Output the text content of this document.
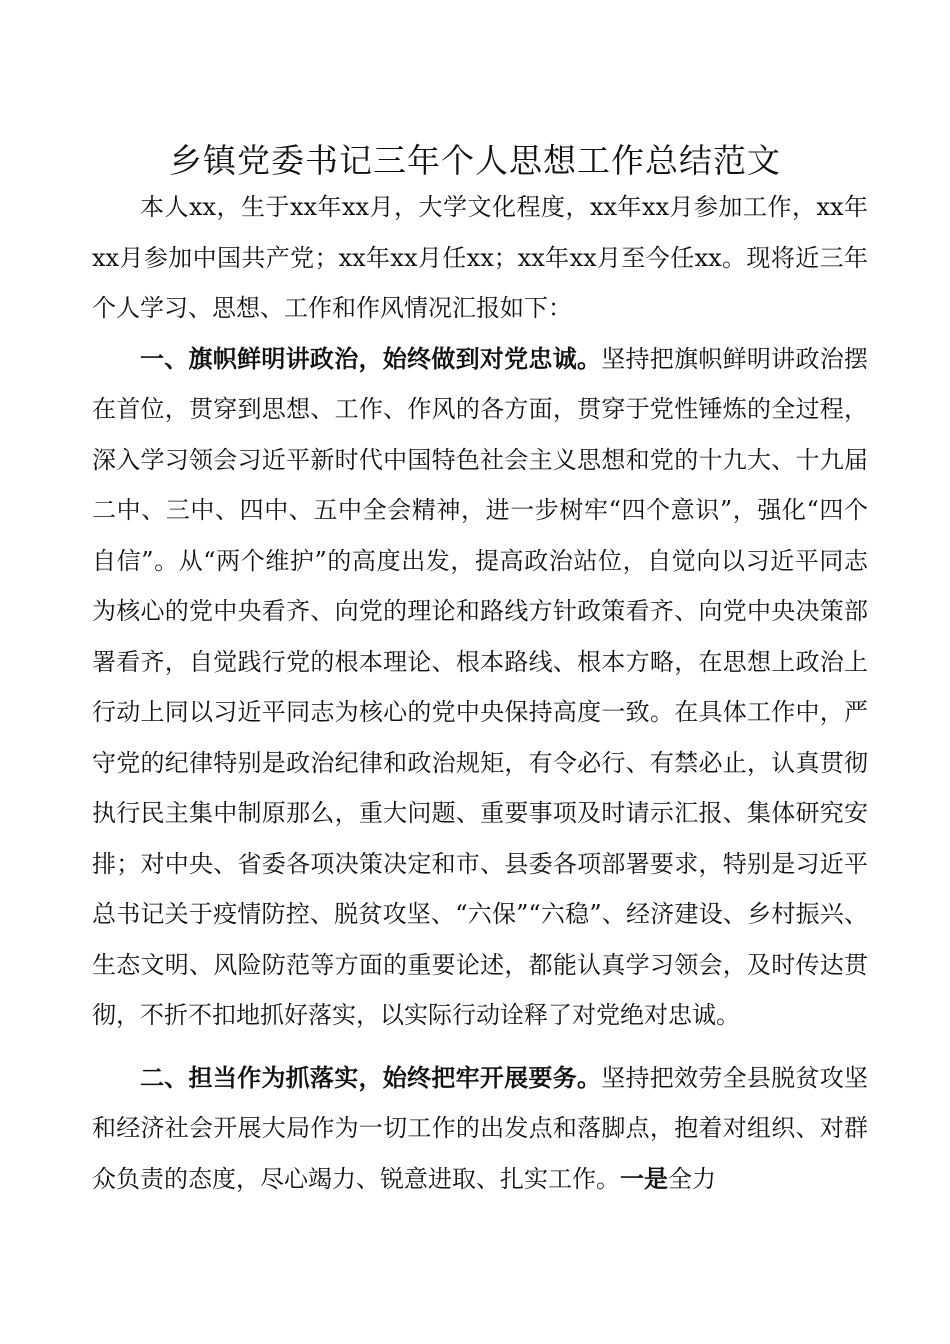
乡镇党委书记三年个人思想工作总结范文

本人xx，生于xx年xx月，大学文化程度，xx年xx月参加工作，xx年xx月参加中国共产党；xx年xx月任xx；xx年xx月至今任xx。现将近三年个人学习、思想、工作和作风情况汇报如下：

一、旗帜鲜明讲政治，始终做到对党忠诚。坚持把旗帜鲜明讲政治摆在首位，贯穿到思想、工作、作风的各方面，贯穿于党性锤炼的全过程，深入学习领会习近平新时代中国特色社会主义思想和党的十九大、十九届二中、三中、四中、五中全会精神，进一步树牢“四个意识”，强化“四个自信”。从“两个维护”的高度出发，提高政治站位，自觉向以习近平同志为核心的党中央看齐、向党的理论和路线方针政策看齐、向党中央决策部署看齐，自觉践行党的根本理论、根本路线、根本方略，在思想上政治上行动上同以习近平同志为核心的党中央保持高度一致。在具体工作中，严守党的纪律特别是政治纪律和政治规矩，有令必行、有禁必止，认真贯彻执行民主集中制原那么，重大问题、重要事项及时请示汇报、集体研究安排；对中央、省委各项决策决定和市、县委各项部署要求，特别是习近平总书记关于疫情防控、脱贫攻坚、“六保”“六稳”、经济建设、乡村振兴、生态文明、风险防范等方面的重要论述，都能认真学习领会，及时传达贯彻，不折不扣地抓好落实，以实际行动诠释了对党绝对忠诚。

二、担当作为抓落实，始终把牢开展要务。坚持把效劳全县脱贫攻坚和经济社会开展大局作为一切工作的出发点和落脚点，抱着对组织、对群众负责的态度，尽心竭力、锐意进取、扎实工作。一是全力
